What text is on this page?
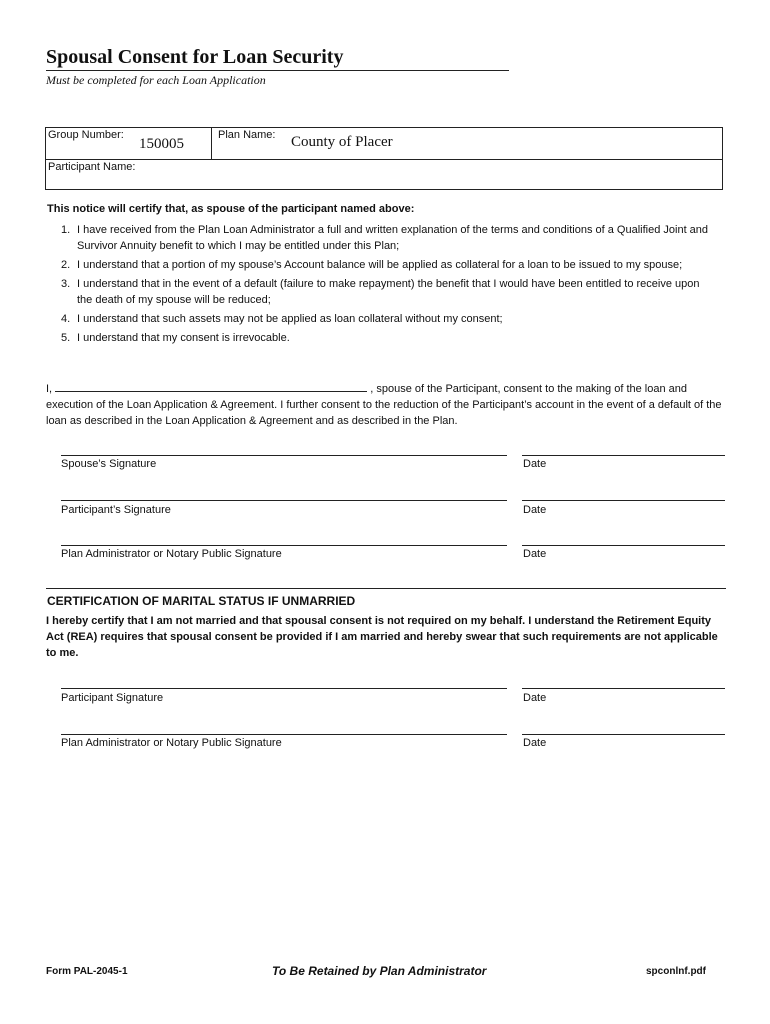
Spousal Consent for Loan Security
Must be completed for each Loan Application
Group Number:
150005
Plan Name: County of Placer
Participant Name:
This notice will certify that, as spouse of the participant named above:
1. I have received from the Plan Loan Administrator a full and written explanation of the terms and conditions of a Qualified Joint and Survivor Annuity benefit to which I may be entitled under this Plan;
2. I understand that a portion of my spouse’s Account balance will be applied as collateral for a loan to be issued to my spouse;
3. I understand that in the event of a default (failure to make repayment) the benefit that I would have been entitled to receive upon the death of my spouse will be reduced;
4. I understand that such assets may not be applied as loan collateral without my consent;
5. I understand that my consent is irrevocable.
I,	, spouse of the Participant, consent to the making of the loan and execution of the Loan Application & Agreement. I further consent to the reduction of the Participant’s account in the event of a default of the loan as described in the Loan Application & Agreement and as described in the Plan.
Spouse’s Signature	Date
Participant’s Signature	Date
Plan Administrator or Notary Public Signature	Date
CERTIFICATION OF MARITAL STATUS IF UNMARRIED
I hereby certify that I am not married and that spousal consent is not required on my behalf. I understand the Retirement Equity Act (REA) requires that spousal consent be provided if I am married and hereby swear that such requirements are not applicable to me.
Participant Signature	Date
Plan Administrator or Notary Public Signature	Date
Form PAL-2045-1	To Be Retained by Plan Administrator	spconlnf.pdf
